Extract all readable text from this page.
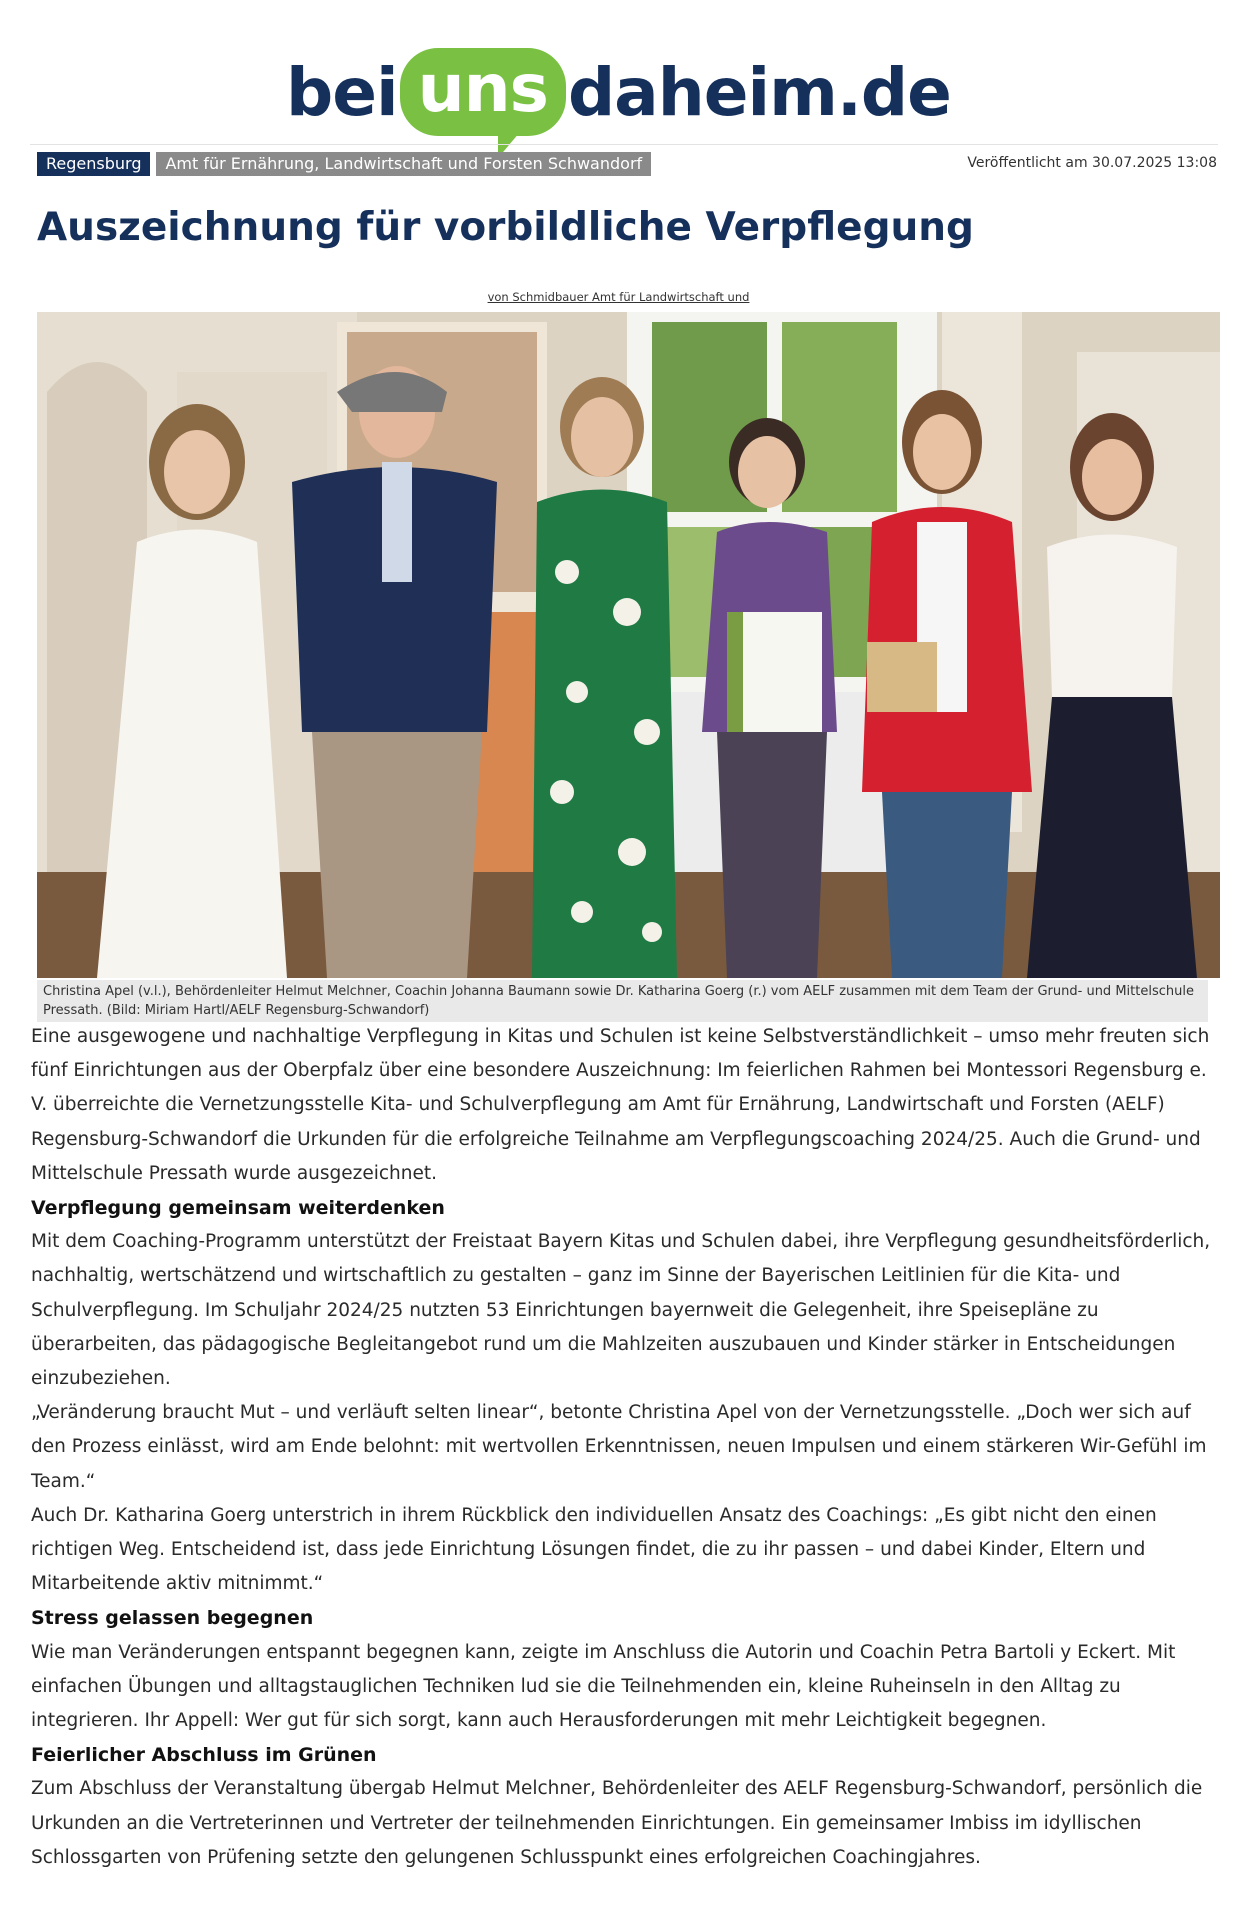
bei uns daheim.de
Regensburg	Amt für Ernährung, Landwirtschaft und Forsten Schwandorf	Veröffentlicht am 30.07.2025 13:08
Auszeichnung für vorbildliche Verpflegung
von Schmidbauer Amt für Landwirtschaft und
Christina Apel (v.l.), Behördenleiter Helmut Melchner, Coachin Johanna Baumann sowie Dr. Katharina Goerg (r.) vom AELF zusammen mit dem Team der Grund- und Mittelschule Pressath. (Bild: Miriam Hartl/AELF Regensburg-Schwandorf)

Eine ausgewogene und nachhaltige Verpflegung in Kitas und Schulen ist keine Selbstverständlichkeit – umso mehr freuten sich fünf Einrichtungen aus der Oberpfalz über eine besondere Auszeichnung: Im feierlichen Rahmen bei Montessori Regensburg e. V. überreichte die Vernetzungsstelle Kita- und Schulverpflegung am Amt für Ernährung, Landwirtschaft und Forsten (AELF) Regensburg-Schwandorf die Urkunden für die erfolgreiche Teilnahme am Verpflegungscoaching 2024/25. Auch die Grund- und Mittelschule Pressath wurde ausgezeichnet.

Verpflegung gemeinsam weiterdenken

Mit dem Coaching-Programm unterstützt der Freistaat Bayern Kitas und Schulen dabei, ihre Verpflegung gesundheitsförderlich, nachhaltig, wertschätzend und wirtschaftlich zu gestalten – ganz im Sinne der Bayerischen Leitlinien für die Kita- und Schulverpflegung. Im Schuljahr 2024/25 nutzten 53 Einrichtungen bayernweit die Gelegenheit, ihre Speisepläne zu überarbeiten, das pädagogische Begleitangebot rund um die Mahlzeiten auszubauen und Kinder stärker in Entscheidungen einzubeziehen.

„Veränderung braucht Mut – und verläuft selten linear“, betonte Christina Apel von der Vernetzungsstelle. „Doch wer sich auf den Prozess einlässt, wird am Ende belohnt: mit wertvollen Erkenntnissen, neuen Impulsen und einem stärkeren Wir-Gefühl im Team.“

Auch Dr. Katharina Goerg unterstrich in ihrem Rückblick den individuellen Ansatz des Coachings: „Es gibt nicht den einen richtigen Weg. Entscheidend ist, dass jede Einrichtung Lösungen findet, die zu ihr passen – und dabei Kinder, Eltern und Mitarbeitende aktiv mitnimmt.“

Stress gelassen begegnen

Wie man Veränderungen entspannt begegnen kann, zeigte im Anschluss die Autorin und Coachin Petra Bartoli y Eckert. Mit einfachen Übungen und alltagstauglichen Techniken lud sie die Teilnehmenden ein, kleine Ruheinseln in den Alltag zu integrieren. Ihr Appell: Wer gut für sich sorgt, kann auch Herausforderungen mit mehr Leichtigkeit begegnen.

Feierlicher Abschluss im Grünen

Zum Abschluss der Veranstaltung übergab Helmut Melchner, Behördenleiter des AELF Regensburg-Schwandorf, persönlich die Urkunden an die Vertreterinnen und Vertreter der teilnehmenden Einrichtungen. Ein gemeinsamer Imbiss im idyllischen Schlossgarten von Prüfening setzte den gelungenen Schlusspunkt eines erfolgreichen Coachingjahres.
